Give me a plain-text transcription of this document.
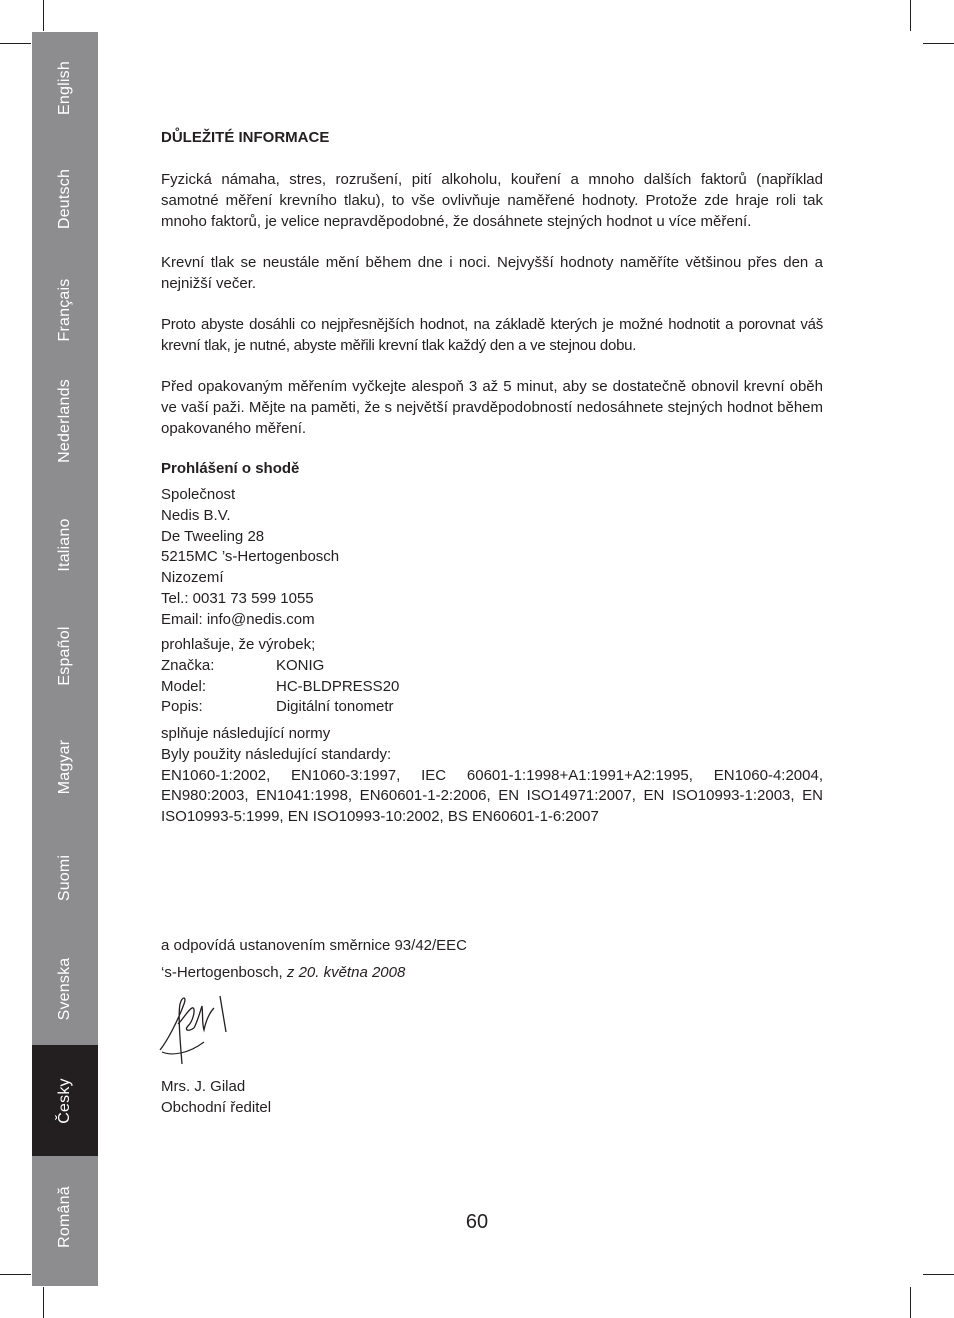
English
Deutsch
Français
Nederlands
Italiano
Español
Magyar
Suomi
Svenska
Česky
Română
DŮLEŽITÉ INFORMACE

Fyzická námaha, stres, rozrušení, pití alkoholu, kouření a mnoho dalších faktorů (například samotné měření krevního tlaku), to vše ovlivňuje naměřené hodnoty. Protože zde hraje roli tak mnoho faktorů, je velice nepravděpodobné, že dosáhnete stejných hodnot u více měření.

Krevní tlak se neustále mění během dne i noci. Nejvyšší hodnoty naměříte většinou přes den a nejnižší večer.

Proto abyste dosáhli co nejpřesnějších hodnot, na základě kterých je možné hodnotit a porovnat váš krevní tlak, je nutné, abyste měřili krevní tlak každý den a ve stejnou dobu.

Před opakovaným měřením vyčkejte alespoň 3 až 5 minut, aby se dostatečně obnovil krevní oběh ve vaší paži. Mějte na paměti, že s největší pravděpodobností nedosáhnete stejných hodnot během opakovaného měření.

Prohlášení o shodě
Společnost
Nedis B.V.
De Tweeling 28
5215MC ’s-Hertogenbosch
Nizozemí
Tel.: 0031 73 599 1055
Email: info@nedis.com
prohlašuje, že výrobek;
Značka:	KONIG
Model:	HC-BLDPRESS20
Popis:	Digitální tonometr
splňuje následující normy
Byly použity následující standardy:
EN1060-1:2002, EN1060-3:1997, IEC 60601-1:1998+A1:1991+A2:1995, EN1060-4:2004, EN980:2003, EN1041:1998, EN60601-1-2:2006, EN ISO14971:2007, EN ISO10993-1:2003, EN ISO10993-5:1999, EN ISO10993-10:2002, BS EN60601-1-6:2007
a odpovídá ustanovením směrnice 93/42/EEC
‘s-Hertogenbosch, z 20. května 2008
Mrs. J. Gilad
Obchodní ředitel
60
